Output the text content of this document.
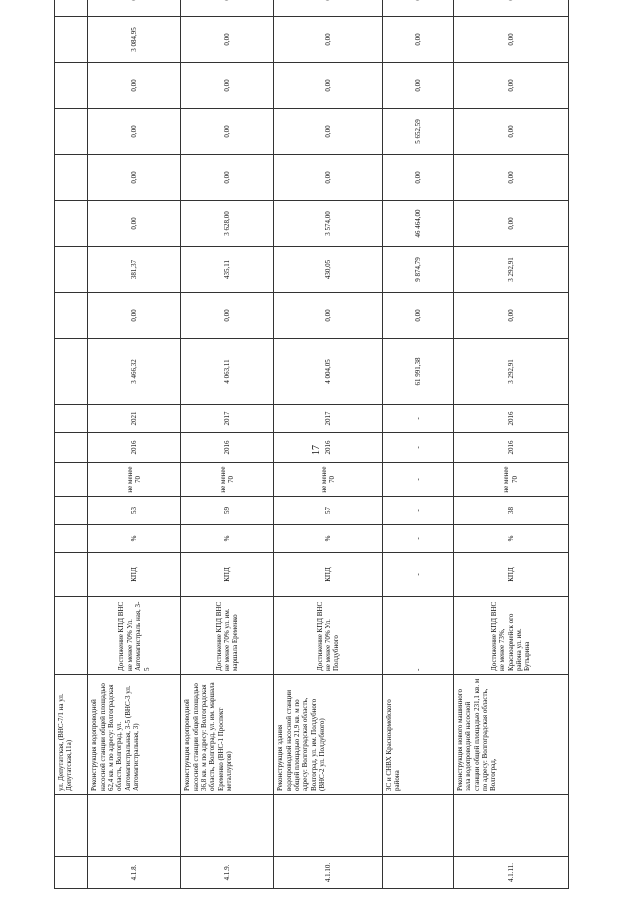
17
		ул. Депутатская, (ВНС-7/1 на ул. Депутатская,11а)																	
4.1.8.		Реконструкция водопроводной насосной станции общей площадью 62,4 кв. м по адресу: Волгоградская область, Волгоград, ул. Автомагистральная, 3-5 (ВНС-3 ул. Автомагистральная, 3)	Достижение КПД ВНС не менее 70% Ул. Автомагистраль ная, 3-5	КПД	%	53	не менее 70	2016	2021	3 466,32	0,00	381,37	0,00	0,00	0,00	0,00	3 084,95		
4.1.9.		Реконструкция водопроводной насосной станции общей площадью 36,8 кв. м по адресу: Волгоградская область, Волгоград, ул. им. маршала Еременко (ВНС-1 Проспект металлургов)	Достижение КПД ВНС не менее 70% ул. им. маршала Еременко	КПД	%	59	не менее 70	2016	2017	4 063,11	0,00	435,11	3 628,00	0,00	0,00	0,00	0,00		
4.1.10.		Реконструкция здания водопроводной насосной станции общей площадью 21,9 кв. м по адресу: Волгоградская область, Волгоград, ул. им. Полдубного (ВНС-2 ул. Полдубного)	Достижение КПД ВНС не менее 70% Ул. Полдубного	КПД	%	57	не менее 70	2016	2017	4 004,05	0,00	430,05	3 574,00	0,00	0,00	0,00	0,00		
		ЗС и СНВХ Красноармейского района	-	-	-	-	-	-	-	61 991,38	0,00	9 874,79	46 464,00	0,00	5 652,59	0,00	0,00		
4.1.11.		Реконструкция нового машинного зала водопроводной насосной станции общей площадью 231,1 кв. м по адресу: Волгоградская область, Волгоград,	Достижение КПД ВНС не менее 73%, Красноармейск ого района ул. им. Бутырина	КПД	%	38	не менее 70	2016	2016	3 292,91	0,00	3 292,91	0,00	0,00	0,00	0,00	0,00		
